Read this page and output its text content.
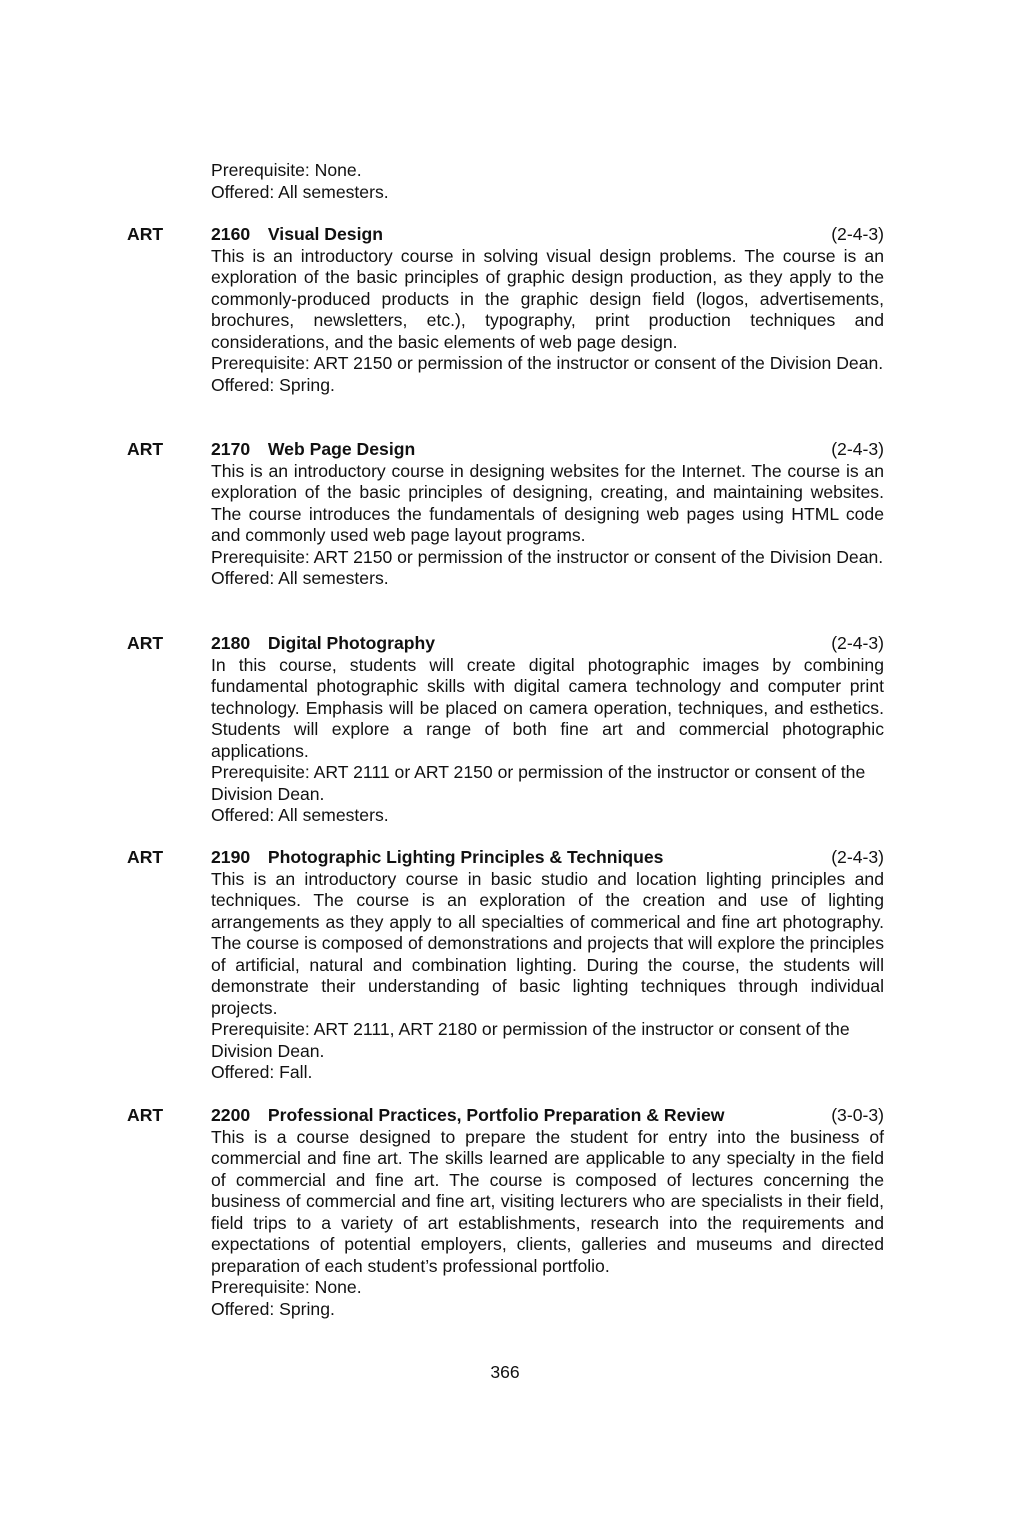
Prerequisite: None.

Offered: All semesters.

ART	2160 Visual Design	(2-4-3)

This is an introductory course in solving visual design problems. The course is an exploration of the basic principles of graphic design production, as they apply to the commonly-produced products in the graphic design field (logos, advertisements, brochures, newsletters, etc.), typography, print production techniques and considerations, and the basic elements of web page design.

Prerequisite: ART 2150 or permission of the instructor or consent of the Division Dean.

Offered: Spring.

ART	2170 Web Page Design	(2-4-3)

This is an introductory course in designing websites for the Internet. The course is an exploration of the basic principles of designing, creating, and maintaining websites. The course introduces the fundamentals of designing web pages using HTML code and commonly used web page layout programs.

Prerequisite: ART 2150 or permission of the instructor or consent of the Division Dean.

Offered: All semesters.

ART	2180 Digital Photography	(2-4-3)

In this course, students will create digital photographic images by combining fundamental photographic skills with digital camera technology and computer print technology. Emphasis will be placed on camera operation, techniques, and esthetics. Students will explore a range of both fine art and commercial photographic applications.

Prerequisite: ART 2111 or ART 2150 or permission of the instructor or consent of the Division Dean.

Offered: All semesters.

ART	2190 Photographic Lighting Principles & Techniques	(2-4-3)

This is an introductory course in basic studio and location lighting principles and techniques. The course is an exploration of the creation and use of lighting arrangements as they apply to all specialties of commerical and fine art photography. The course is composed of demonstrations and projects that will explore the principles of artificial, natural and combination lighting. During the course, the students will demonstrate their understanding of basic lighting techniques through individual projects.

Prerequisite: ART 2111, ART 2180 or permission of the instructor or consent of the Division Dean.

Offered: Fall.

ART	2200 Professional Practices, Portfolio Preparation & Review	(3-0-3)

This is a course designed to prepare the student for entry into the business of commercial and fine art. The skills learned are applicable to any specialty in the field of commercial and fine art. The course is composed of lectures concerning the business of commercial and fine art, visiting lecturers who are specialists in their field, field trips to a variety of art establishments, research into the requirements and expectations of potential employers, clients, galleries and museums and directed preparation of each student’s professional portfolio.

Prerequisite: None.

Offered: Spring.

366
